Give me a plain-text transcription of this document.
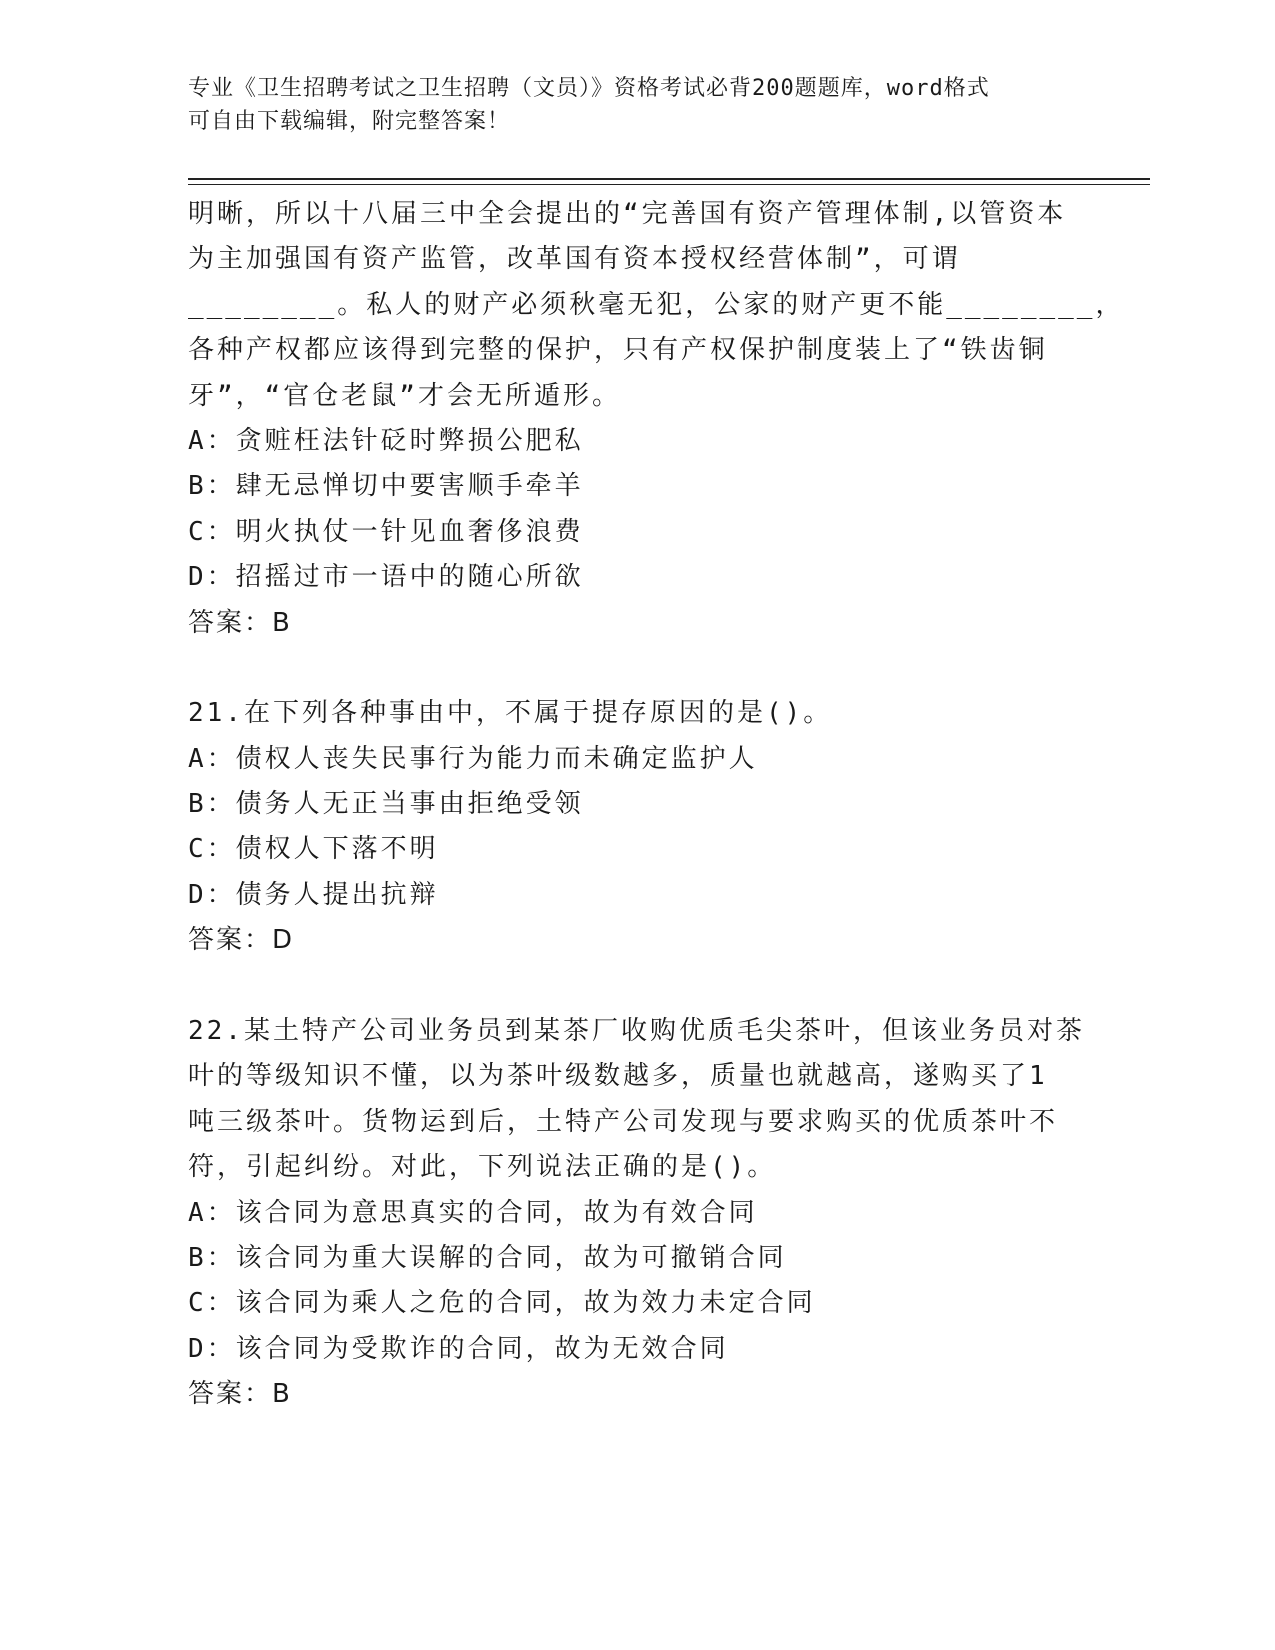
专业《卫生招聘考试之卫生招聘（文员）》资格考试必背200题题库，word格式
可自由下载编辑，附完整答案！
明晰，所以十八届三中全会提出的“完善国有资产管理体制,以管资本
为主加强国有资产监管，改革国有资本授权经营体制”，可谓
________。私人的财产必须秋毫无犯，公家的财产更不能________，
各种产权都应该得到完整的保护，只有产权保护制度装上了“铁齿铜
牙”，“官仓老鼠”才会无所遁形。
A：贪赃枉法针砭时弊损公肥私
B：肆无忌惮切中要害顺手牵羊
C：明火执仗一针见血奢侈浪费
D：招摇过市一语中的随心所欲
答案：B
21.在下列各种事由中，不属于提存原因的是()。
A：债权人丧失民事行为能力而未确定监护人
B：债务人无正当事由拒绝受领
C：债权人下落不明
D：债务人提出抗辩
答案：D
22.某土特产公司业务员到某茶厂收购优质毛尖茶叶，但该业务员对茶
叶的等级知识不懂，以为茶叶级数越多，质量也就越高，遂购买了1
吨三级茶叶。货物运到后，土特产公司发现与要求购买的优质茶叶不
符，引起纠纷。对此，下列说法正确的是()。
A：该合同为意思真实的合同，故为有效合同
B：该合同为重大误解的合同，故为可撤销合同
C：该合同为乘人之危的合同，故为效力未定合同
D：该合同为受欺诈的合同，故为无效合同
答案：B
